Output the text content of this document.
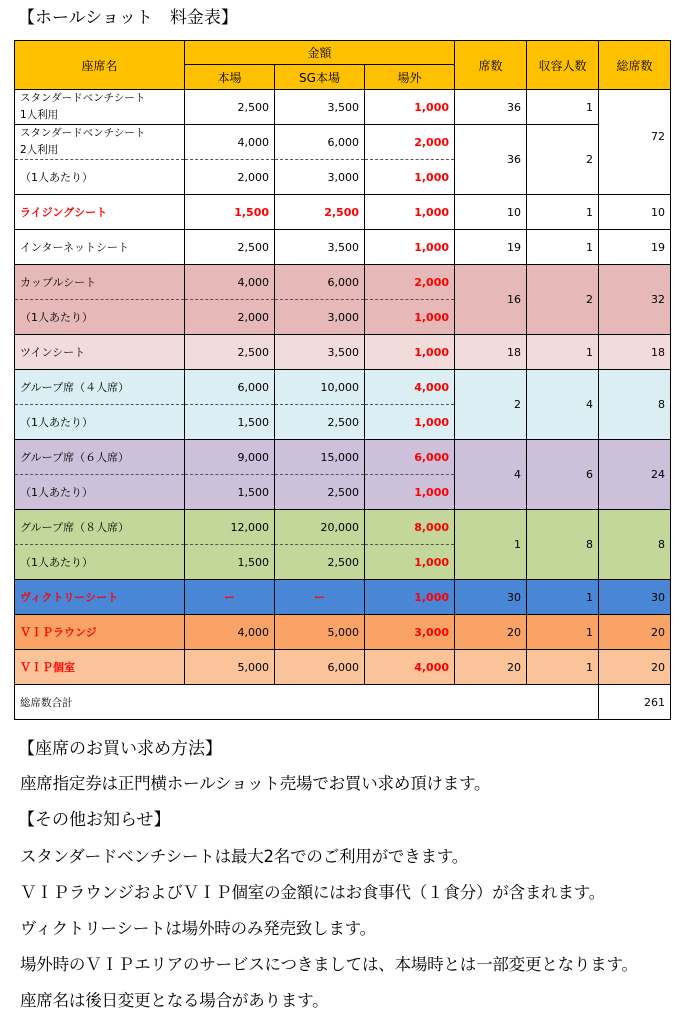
【ホールショット　料金表】
座席名	金額			席数	収容人数	総席数
	本場	SG本場	場外			

スタンダードベンチシート
1人利用	2,500	3,500	1,000	36	1	72

スタンダードベンチシート
2人利用	4,000	6,000	2,000	36	2	
（1人あたり）	2,000	3,000	1,000			
ライジングシート	1,500	2,500	1,000	10	1	10
インターネットシート	2,500	3,500	1,000	19	1	19
カップルシート	4,000	6,000	2,000	16	2	32
（1人あたり）	2,000	3,000	1,000			
ツインシート	2,500	3,500	1,000	18	1	18
グループ席（４人席）	6,000	10,000	4,000	2	4	8
（1人あたり）	1,500	2,500	1,000			
グループ席（６人席）	9,000	15,000	6,000	4	6	24
（1人あたり）	1,500	2,500	1,000			
グループ席（８人席）	12,000	20,000	8,000	1	8	8
（1人あたり）	1,500	2,500	1,000			
ヴィクトリーシート	ー	ー	1,000	30	1	30
ＶＩＰラウンジ	4,000	5,000	3,000	20	1	20
ＶＩＰ個室	5,000	6,000	4,000	20	1	20
総席数合計						261
【座席のお買い求め方法】
座席指定券は正門横ホールショット売場でお買い求め頂けます。
【その他お知らせ】
スタンダードベンチシートは最大2名でのご利用ができます。
ＶＩＰラウンジおよびＶＩＰ個室の金額にはお食事代（１食分）が含まれます。
ヴィクトリーシートは場外時のみ発売致します。
場外時のＶＩＰエリアのサービスにつきましては、本場時とは一部変更となります。
座席名は後日変更となる場合があります。
